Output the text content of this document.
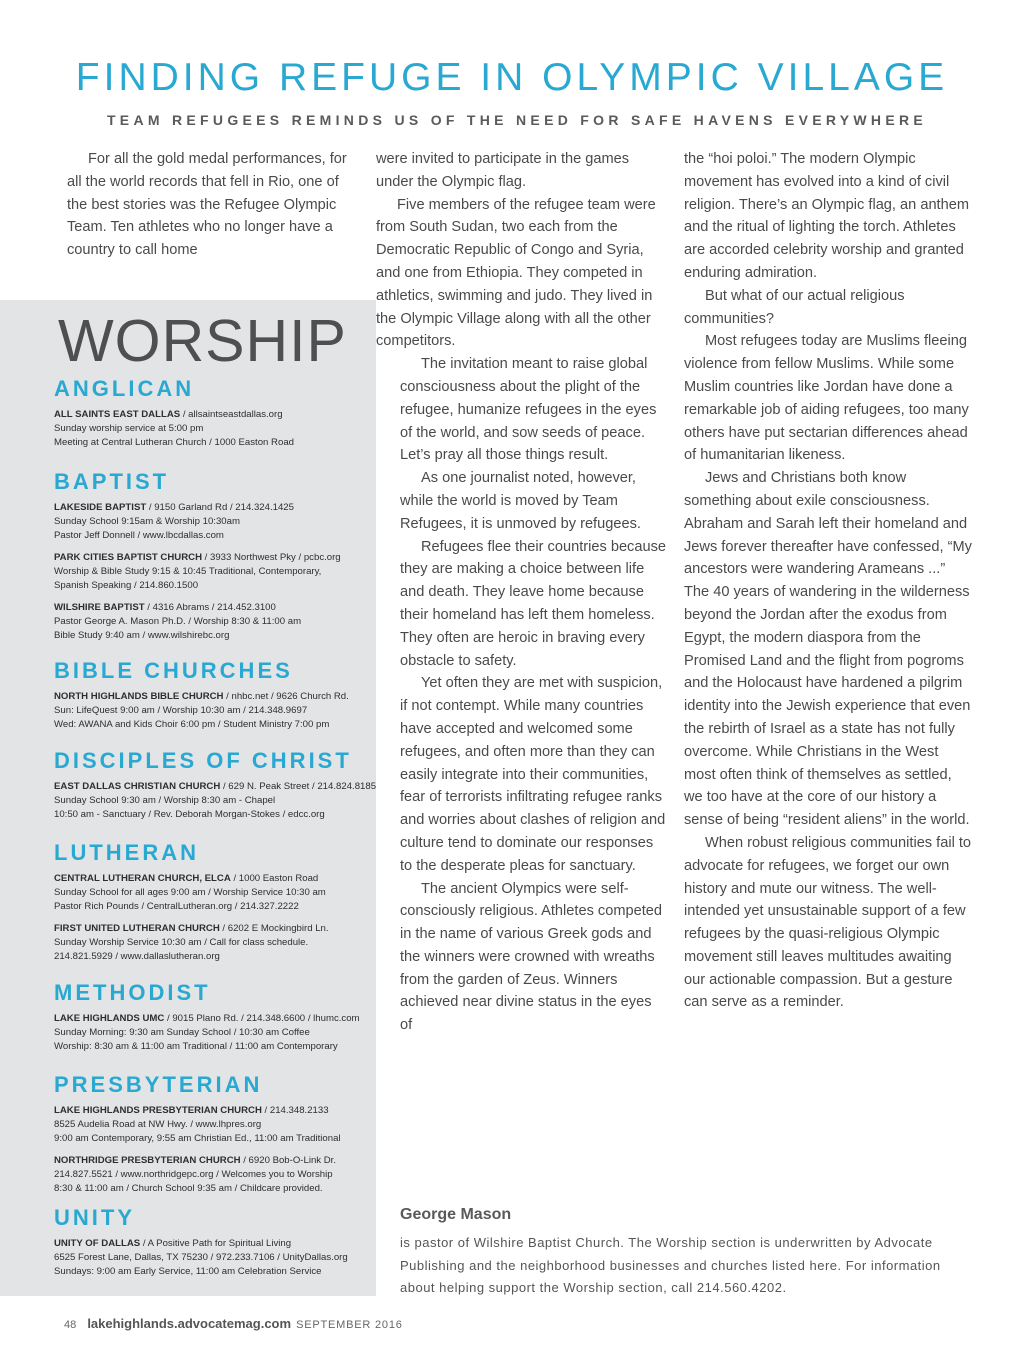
FINDING REFUGE IN OLYMPIC VILLAGE
TEAM REFUGEES REMINDS US OF THE NEED FOR SAFE HAVENS EVERYWHERE
WORSHIP
ANGLICAN
ALL SAINTS EAST DALLAS / allsaintseastdallas.org
Sunday worship service at 5:00 pm
Meeting at Central Lutheran Church / 1000 Easton Road
BAPTIST
LAKESIDE BAPTIST / 9150 Garland Rd / 214.324.1425
Sunday School 9:15am & Worship 10:30am
Pastor Jeff Donnell / www.lbcdallas.com
PARK CITIES BAPTIST CHURCH / 3933 Northwest Pky / pcbc.org
Worship & Bible Study 9:15 & 10:45 Traditional, Contemporary,
Spanish Speaking / 214.860.1500
WILSHIRE BAPTIST / 4316 Abrams / 214.452.3100
Pastor George A. Mason Ph.D. / Worship 8:30 & 11:00 am
Bible Study 9:40 am / www.wilshirebc.org
BIBLE CHURCHES
NORTH HIGHLANDS BIBLE CHURCH / nhbc.net / 9626 Church Rd.
Sun: LifeQuest 9:00 am / Worship 10:30 am / 214.348.9697
Wed: AWANA and Kids Choir 6:00 pm / Student Ministry 7:00 pm
DISCIPLES OF CHRIST
EAST DALLAS CHRISTIAN CHURCH / 629 N. Peak Street / 214.824.8185
Sunday School 9:30 am / Worship 8:30 am - Chapel
10:50 am - Sanctuary / Rev. Deborah Morgan-Stokes / edcc.org
LUTHERAN
CENTRAL LUTHERAN CHURCH, ELCA / 1000 Easton Road
Sunday School for all ages 9:00 am / Worship Service 10:30 am
Pastor Rich Pounds / CentralLutheran.org / 214.327.2222
FIRST UNITED LUTHERAN CHURCH / 6202 E Mockingbird Ln.
Sunday Worship Service 10:30 am / Call for class schedule.
214.821.5929 / www.dallaslutheran.org
METHODIST
LAKE HIGHLANDS UMC / 9015 Plano Rd. / 214.348.6600 / lhumc.com
Sunday Morning: 9:30 am Sunday School / 10:30 am Coffee
Worship: 8:30 am & 11:00 am Traditional / 11:00 am Contemporary
PRESBYTERIAN
LAKE HIGHLANDS PRESBYTERIAN CHURCH / 214.348.2133
8525 Audelia Road at NW Hwy. / www.lhpres.org
9:00 am Contemporary, 9:55 am Christian Ed., 11:00 am Traditional
NORTHRIDGE PRESBYTERIAN CHURCH / 6920 Bob-O-Link Dr.
214.827.5521 / www.northridgepc.org / Welcomes you to Worship
8:30 & 11:00 am / Church School 9:35 am / Childcare provided.
UNITY
UNITY OF DALLAS / A Positive Path for Spiritual Living
6525 Forest Lane, Dallas, TX 75230 / 972.233.7106 / UnityDallas.org
Sundays: 9:00 am Early Service, 11:00 am Celebration Service

For all the gold medal performances, for all the world records that fell in Rio, one of the best stories was the Refugee Olympic Team. Ten athletes who no longer have a country to call home

were invited to participate in the games under the Olympic flag.

Five members of the refugee team were from South Sudan, two each from the Democratic Republic of Congo and Syria, and one from Ethiopia. They competed in athletics, swimming and judo. They lived in the Olympic Village along with all the other competitors.

The invitation meant to raise global consciousness about the plight of the refugee, humanize refugees in the eyes of the world, and sow seeds of peace. Let’s pray all those things result.

As one journalist noted, however, while the world is moved by Team Refugees, it is unmoved by refugees.

Refugees flee their countries because they are making a choice between life and death. They leave home because their homeland has left them homeless. They often are heroic in braving every obstacle to safety.

Yet often they are met with suspicion, if not contempt. While many countries have accepted and welcomed some refugees, and often more than they can easily integrate into their communities, fear of terrorists infiltrating refugee ranks and worries about clashes of religion and culture tend to dominate our responses to the desperate pleas for sanctuary.

The ancient Olympics were self-consciously religious. Athletes competed in the name of various Greek gods and the winners were crowned with wreaths from the garden of Zeus. Winners achieved near divine status in the eyes of

the “hoi poloi.” The modern Olympic movement has evolved into a kind of civil religion. There’s an Olympic flag, an anthem and the ritual of lighting the torch. Athletes are accorded celebrity worship and granted enduring admiration.

But what of our actual religious communities?

Most refugees today are Muslims fleeing violence from fellow Muslims. While some Muslim countries like Jordan have done a remarkable job of aiding refugees, too many others have put sectarian differences ahead of humanitarian likeness.

Jews and Christians both know something about exile consciousness. Abraham and Sarah left their homeland and Jews forever thereafter have confessed, “My ancestors were wandering Arameans ...” The 40 years of wandering in the wilderness beyond the Jordan after the exodus from Egypt, the modern diaspora from the Promised Land and the flight from pogroms and the Holocaust have hardened a pilgrim identity into the Jewish experience that even the rebirth of Israel as a state has not fully overcome. While Christians in the West most often think of themselves as settled, we too have at the core of our history a sense of being “resident aliens” in the world.

When robust religious communities fail to advocate for refugees, we forget our own history and mute our witness. The well-intended yet unsustainable support of a few refugees by the quasi-religious Olympic movement still leaves multitudes awaiting our actionable compassion. But a gesture can serve as a reminder.

George Mason
is pastor of Wilshire Baptist Church. The Worship section is underwritten by Advocate Publishing and the neighborhood businesses and churches listed here. For information about helping support the Worship section, call 214.560.4202.
48 lakehighlands.advocatemag.com SEPTEMBER 2016
